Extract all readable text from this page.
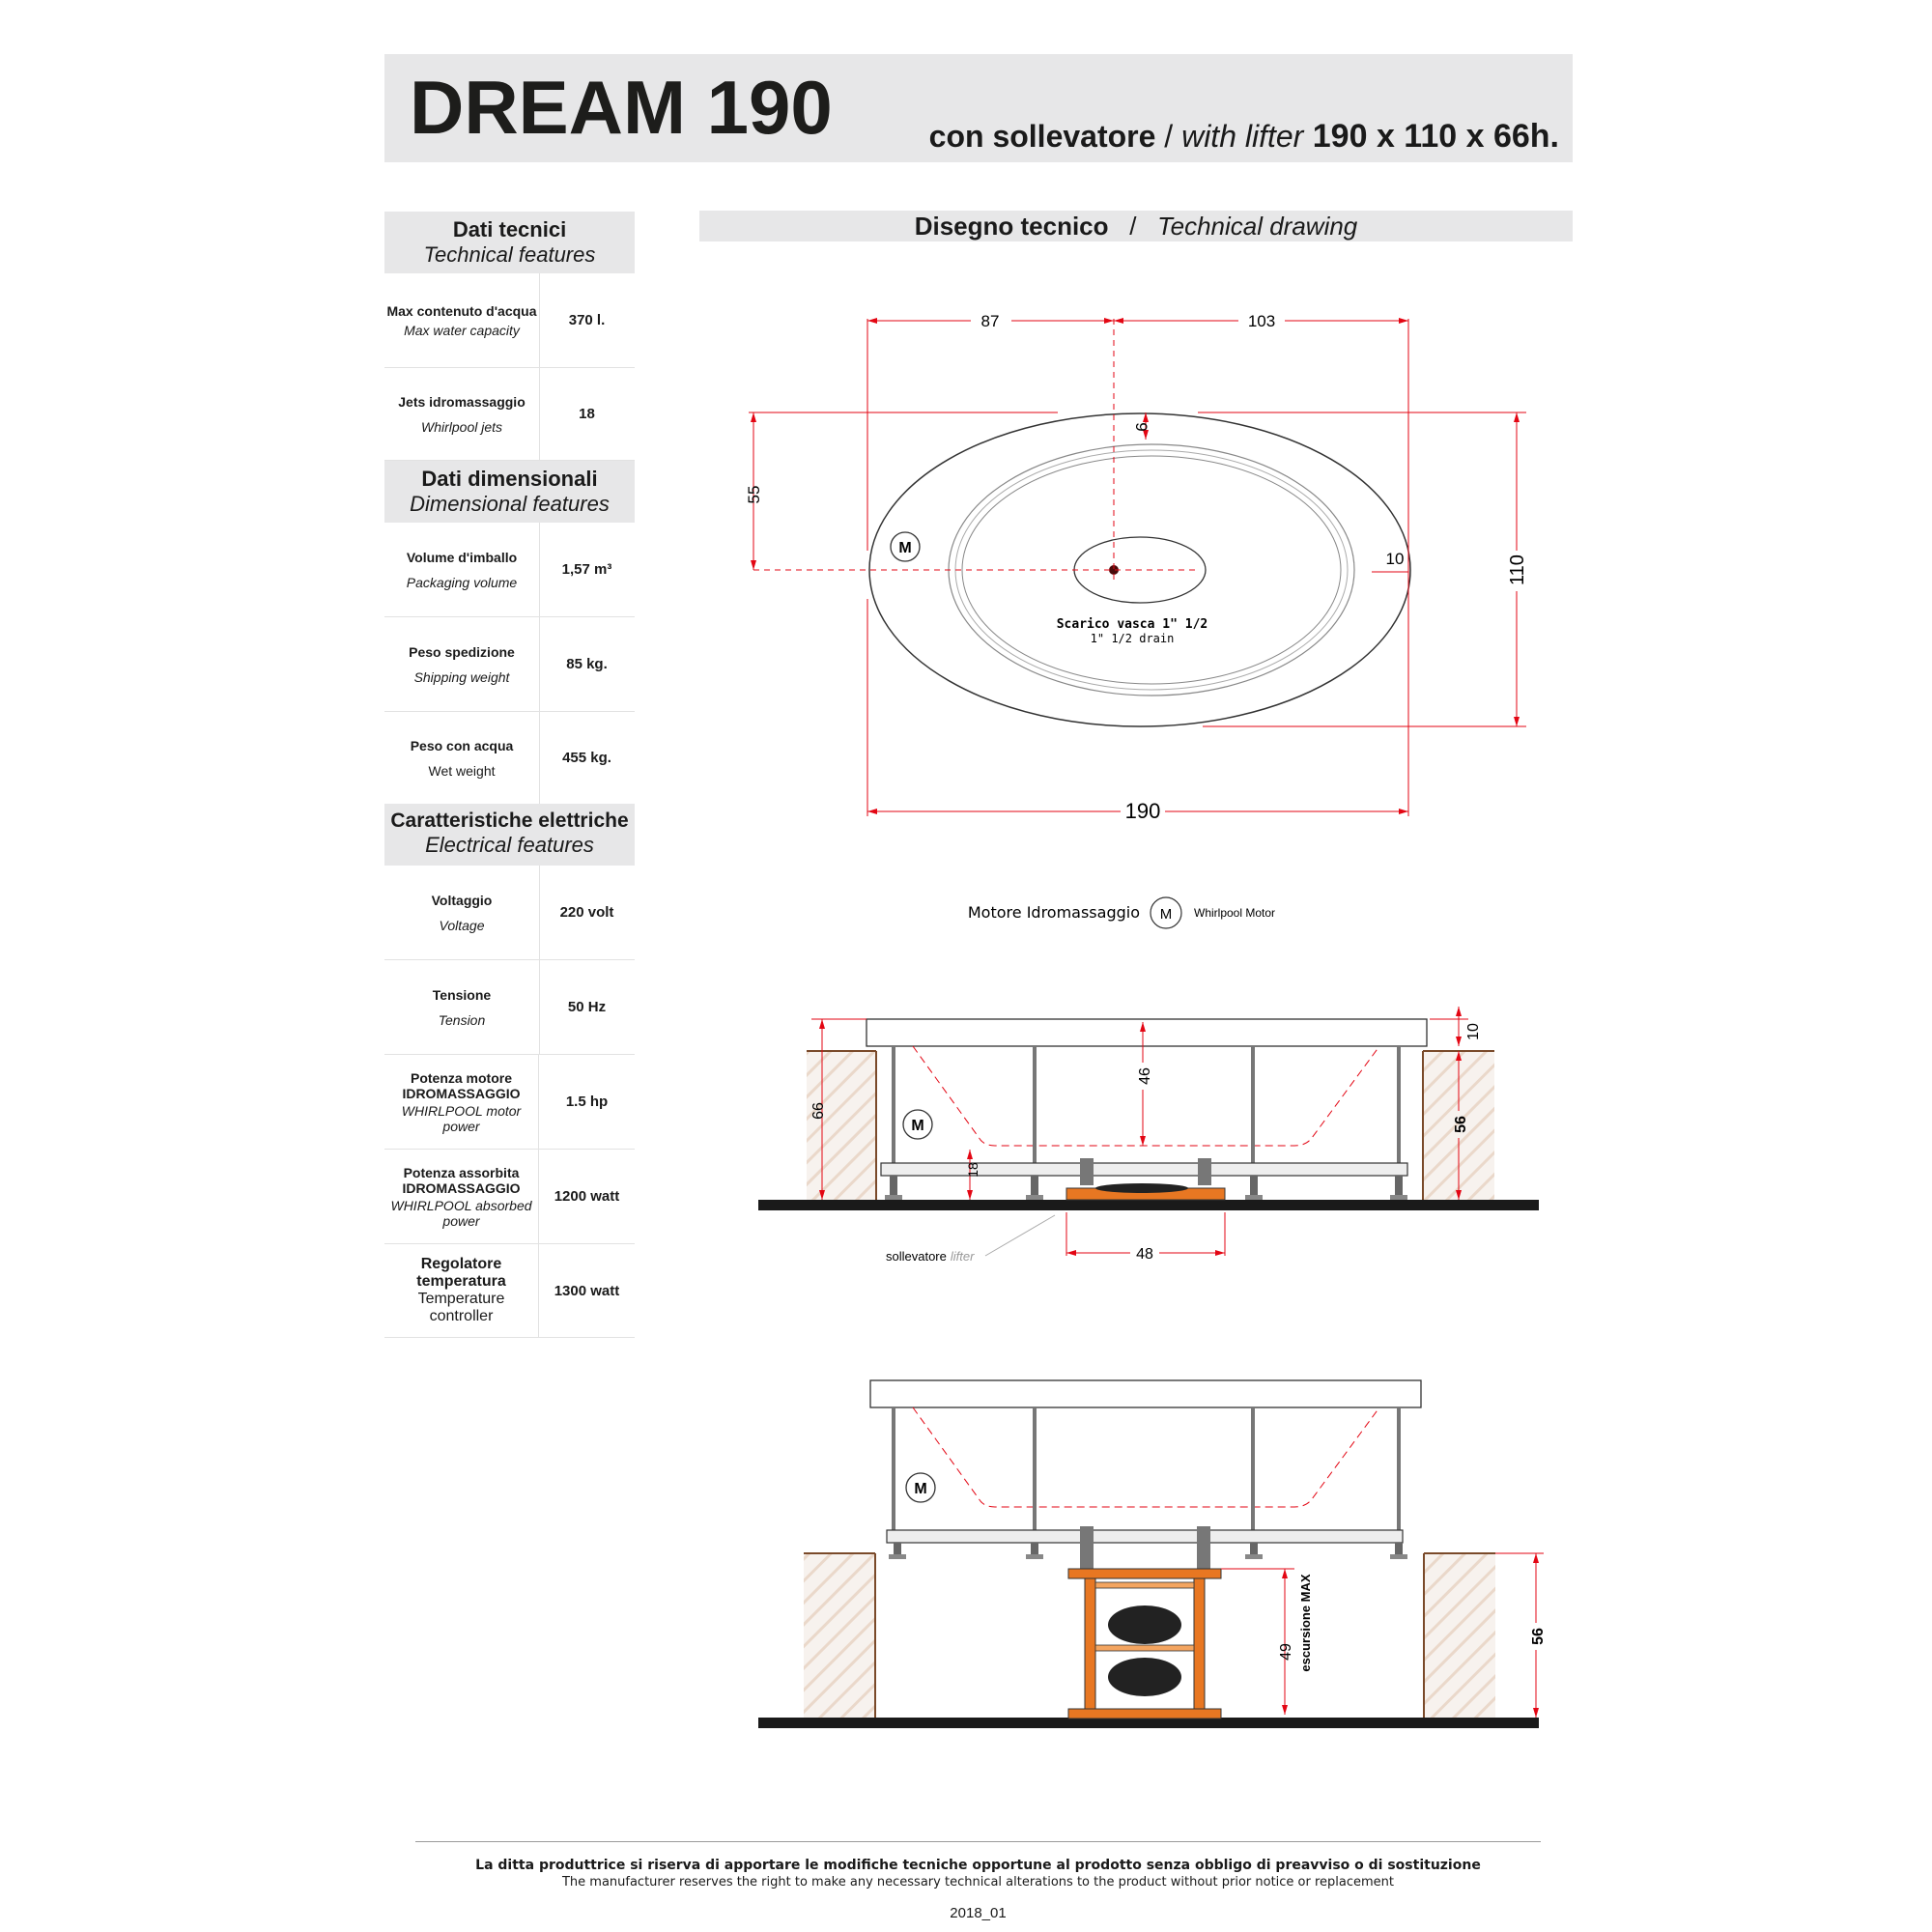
DREAM 190	con sollevatore / with lifter 190 x 110 x 66h.
Dati tecnici
Technical features
Max contenuto d'acqua
Max water capacity
370 l.
Jets idromassaggio
Whirlpool jets
18
Dati dimensionali
Dimensional features
Volume d'imballo
Packaging volume
1,57 m³
Peso spedizione
Shipping weight
85 kg.
Peso con acqua
Wet weight
455 kg.
Caratteristiche elettriche
Electrical features
Voltaggio
Voltage
220 volt
Tensione
Tension
50 Hz
Potenza motore IDROMASSAGGIO
WHIRLPOOL motor power
1.5 hp
Potenza assorbita IDROMASSAGGIO
WHIRLPOOL absorbed power
1200 watt
Regolatore temperatura
Temperature controller
1300 watt
Disegno tecnico / Technical drawing
87	103
9
55
10	110
190
M
Scarico vasca 1" 1/2
1" 1/2 drain
Motore Idromassaggio M Whirlpool Motor
M
66
46
18
10
56
48
sollevatore lifter
M
49 escursione MAX	56
La ditta produttrice si riserva di apportare le modifiche tecniche opportune al prodotto senza obbligo di preavviso o di sostituzione
The manufacturer reserves the right to make any necessary technical alterations to the product without prior notice or replacement
2018_01
